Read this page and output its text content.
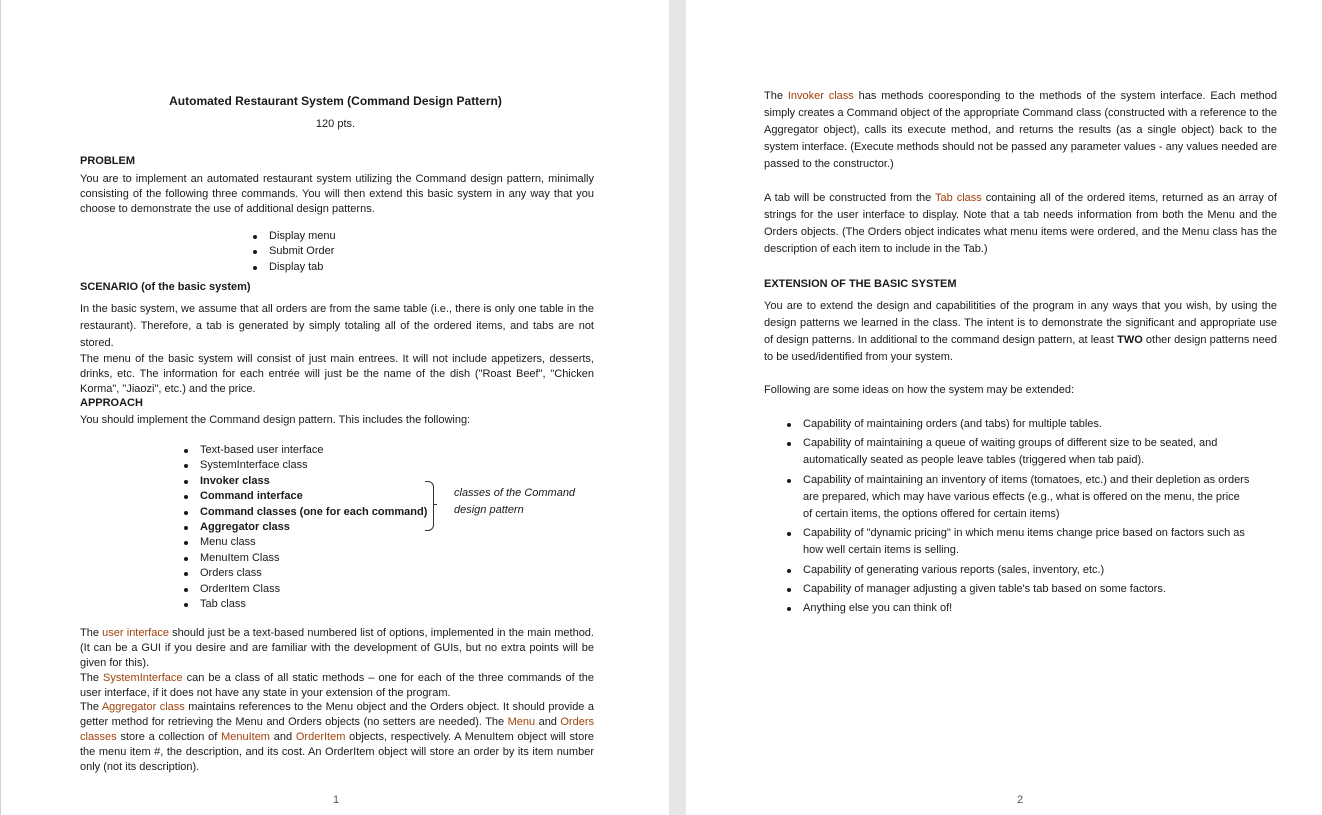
Automated Restaurant System (Command Design Pattern)
120 pts.
PROBLEM

You are to implement an automated restaurant system utilizing the Command design pattern, minimally consisting of the following three commands. You will then extend this basic system in any way that you choose to demonstrate the use of additional design patterns.

Display menu
Submit Order
Display tab
SCENARIO (of the basic system)

In the basic system, we assume that all orders are from the same table (i.e., there is only one table in the restaurant). Therefore, a tab is generated by simply totaling all of the ordered items, and tabs are not stored.

The menu of the basic system will consist of just main entrees. It will not include appetizers, desserts, drinks, etc. The information for each entrée will just be the name of the dish ("Roast Beef", "Chicken Korma", "Jiaozi", etc.) and the price.

APPROACH

You should implement the Command design pattern. This includes the following:

Text-based user interface
SystemInterface class
Invoker class
Command interface
Command classes (one for each command)
Aggregator class
Menu class
MenuItem Class
Orders class
OrderItem Class
Tab class
classes of the Command
design pattern

The user interface should just be a text-based numbered list of options, implemented in the main method. (It can be a GUI if you desire and are familiar with the development of GUIs, but no extra points will be given for this).

The SystemInterface can be a class of all static methods – one for each of the three commands of the user interface, if it does not have any state in your extension of the program.

The Aggregator class maintains references to the Menu object and the Orders object. It should provide a getter method for retrieving the Menu and Orders objects (no setters are needed). The Menu and Orders classes store a collection of MenuItem and OrderItem objects, respectively. A MenuItem object will store the menu item #, the description, and its cost. An OrderItem object will store an order by its item number only (not its description).

1

The Invoker class has methods cooresponding to the methods of the system interface. Each method simply creates a Command object of the appropriate Command class (constructed with a reference to the Aggregator object), calls its execute method, and returns the results (as a single object) back to the system interface. (Execute methods should not be passed any parameter values - any values needed are passed to the constructor.)

A tab will be constructed from the Tab class containing all of the ordered items, returned as an array of strings for the user interface to display. Note that a tab needs information from both the Menu and the Orders objects. (The Orders object indicates what menu items were ordered, and the Menu class has the description of each item to include in the Tab.)

EXTENSION OF THE BASIC SYSTEM

You are to extend the design and capabilitities of the program in any ways that you wish, by using the design patterns we learned in the class. The intent is to demonstrate the significant and appropriate use of design patterns. In additional to the command design pattern, at least TWO other design patterns need to be used/identified from your system.

Following are some ideas on how the system may be extended:

Capability of maintaining orders (and tabs) for multiple tables.
Capability of maintaining a queue of waiting groups of different size to be seated, and automatically seated as people leave tables (triggered when tab paid).
Capability of maintaining an inventory of items (tomatoes, etc.) and their depletion as orders are prepared, which may have various effects (e.g., what is offered on the menu, the price of certain items, the options offered for certain items)
Capability of "dynamic pricing" in which menu items change price based on factors such as how well certain items is selling.
Capability of generating various reports (sales, inventory, etc.)
Capability of manager adjusting a given table's tab based on some factors.
Anything else you can think of!
2
